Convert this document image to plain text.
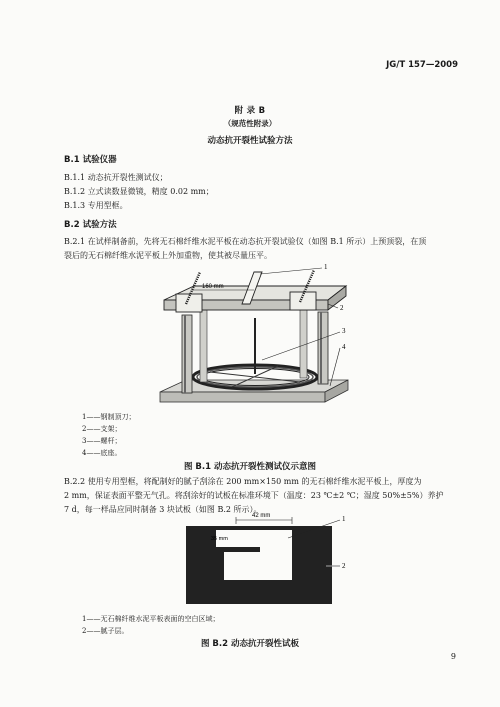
JG/T 157—2009
附 录 B
（规范性附录）
动态抗开裂性试验方法
B.1 试验仪器
B.1.1 动态抗开裂性测试仪；
B.1.2 立式读数显微镜，精度 0.02 mm；
B.1.3 专用型框。
B.2 试验方法
B.2.1 在试样制备前，先将无石棉纤维水泥平板在动态抗开裂试验仪（如图 B.1 所示）上预顶裂，在顶
裂后的无石棉纤维水泥平板上外加重物，使其被尽量压平。
160 mm
1
2
3
4
1——钢制顶刀；
2——支架；
3——螺杆；
4——底座。
图 B.1 动态抗开裂性测试仪示意图
B.2.2 使用专用型框，将配制好的腻子刮涂在 200 mm×150 mm 的无石棉纤维水泥平板上，厚度为
2 mm，保证表面平整无气孔。将刮涂好的试板在标准环境下（温度：23 ℃±2 ℃；湿度 50%±5%）养护
7 d，每一样品应同时制备 3 块试板（如图 B.2 所示）。
42 mm
35 mm
1
2
1——无石棉纤维水泥平板表面的空白区域；
2——腻子层。
图 B.2 动态抗开裂性试板
9
